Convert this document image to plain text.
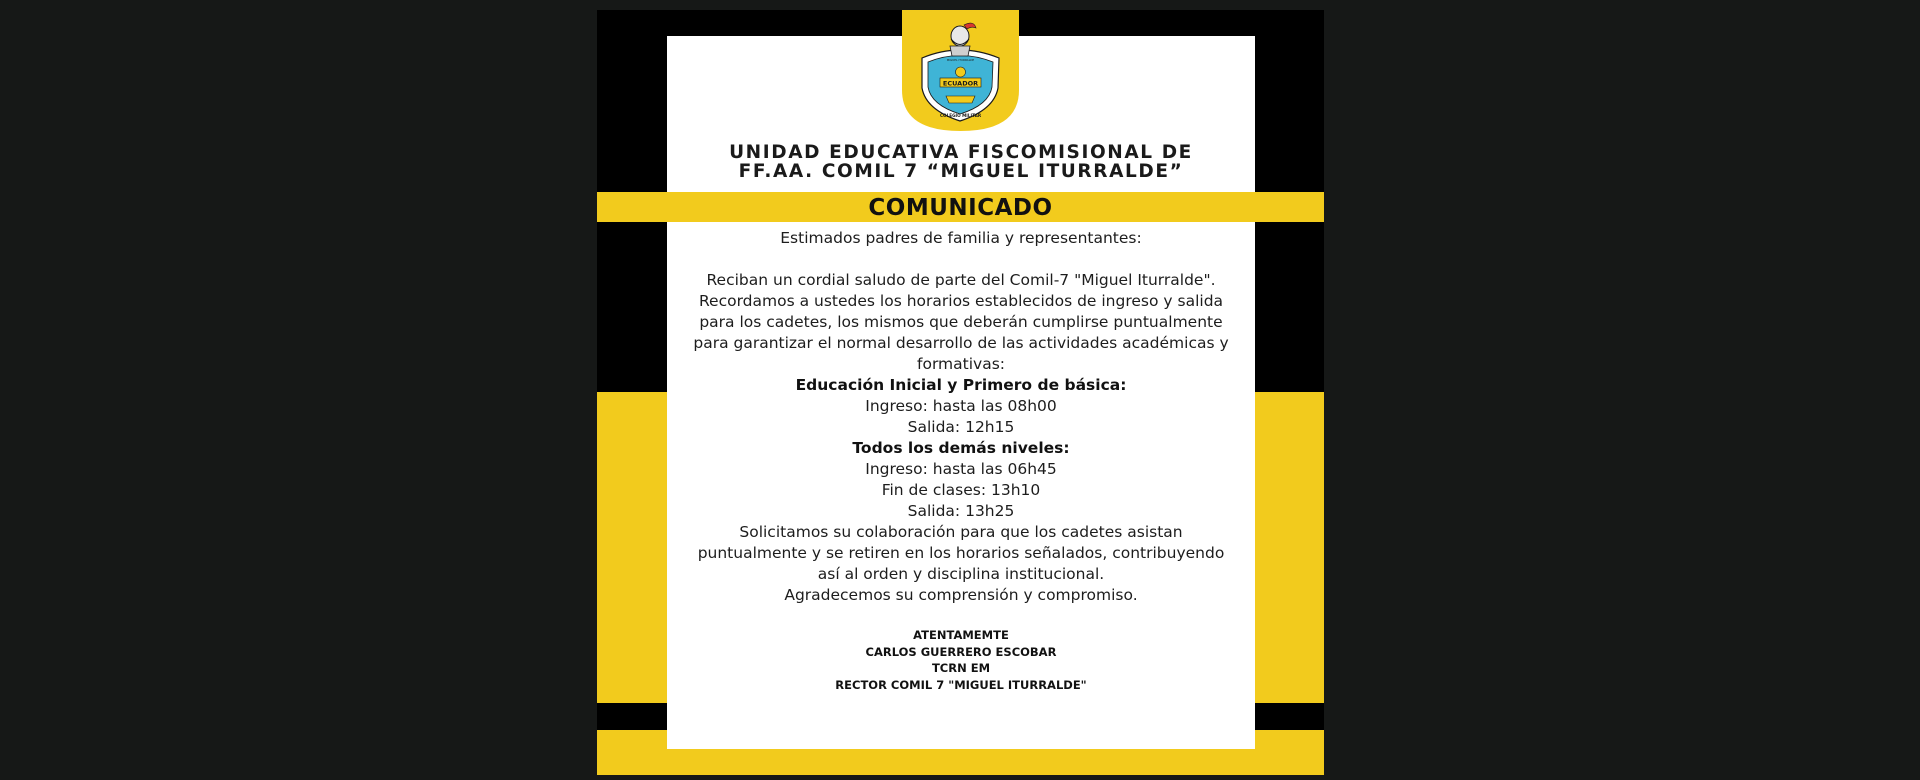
ECUADOR
MIGUEL ITURRALDE
COLEGIO MILITAR
UNIDAD EDUCATIVA FISCOMISIONAL DE
FF.AA. COMIL 7 “MIGUEL ITURRALDE”
COMUNICADO
Estimados padres de familia y representantes:
Reciban un cordial saludo de parte del Comil-7 "Miguel Iturralde".
Recordamos a ustedes los horarios establecidos de ingreso y salida
para los cadetes, los mismos que deberán cumplirse puntualmente
para garantizar el normal desarrollo de las actividades académicas y
formativas:
Educación Inicial y Primero de básica:
Ingreso: hasta las 08h00
Salida: 12h15
Todos los demás niveles:
Ingreso: hasta las 06h45
Fin de clases: 13h10
Salida: 13h25
Solicitamos su colaboración para que los cadetes asistan
puntualmente y se retiren en los horarios señalados, contribuyendo
así al orden y disciplina institucional.
Agradecemos su comprensión y compromiso.
ATENTAMEMTE
CARLOS GUERRERO ESCOBAR
TCRN EM
RECTOR COMIL 7 "MIGUEL ITURRALDE"
